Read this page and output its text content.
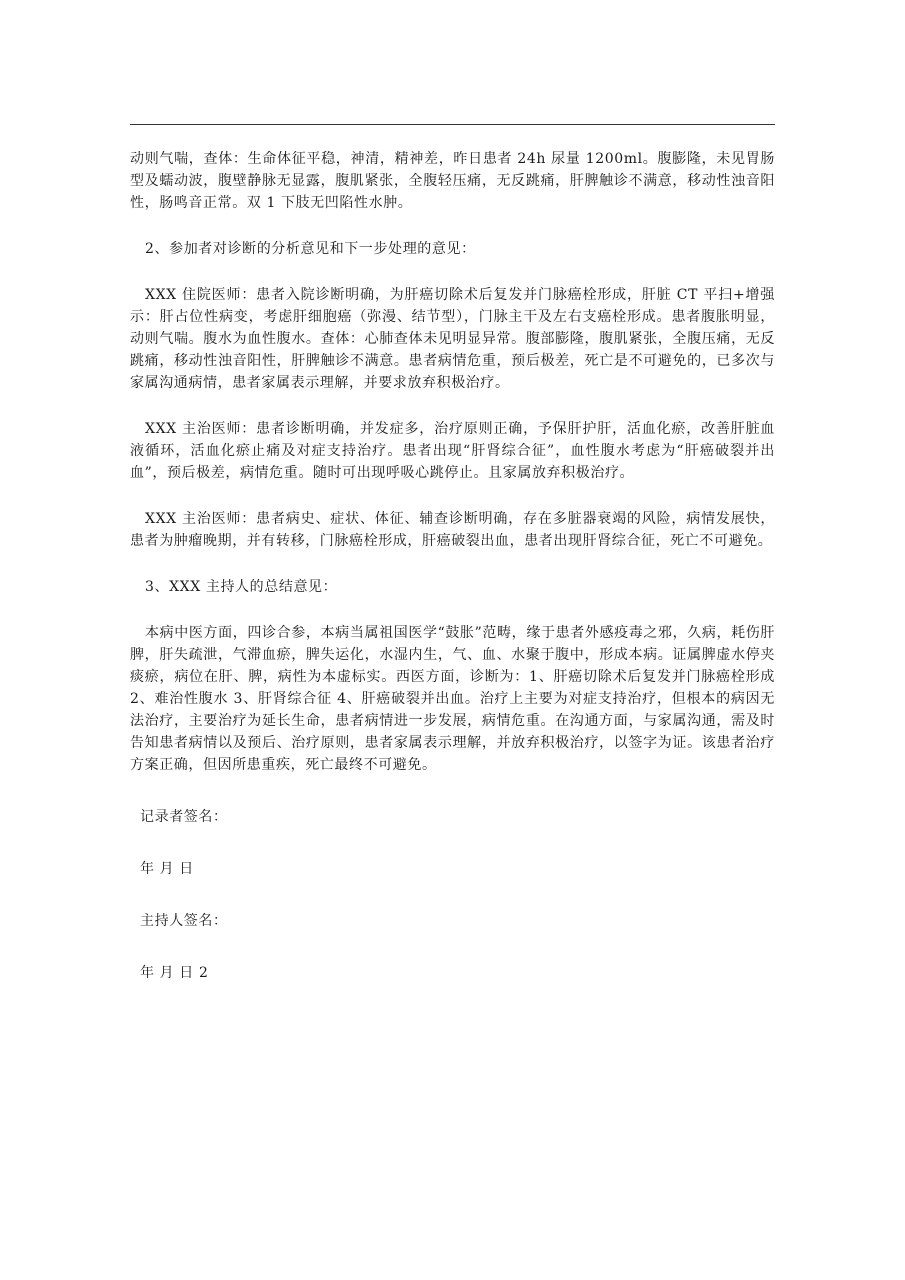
动则气喘，查体：生命体征平稳，神清，精神差，昨日患者 24h 尿量 1200ml。腹膨隆，未见胃肠型及蠕动波，腹壁静脉无显露，腹肌紧张，全腹轻压痛，无反跳痛，肝脾触诊不满意，移动性浊音阳性，肠鸣音正常。双 1 下肢无凹陷性水肿。

2、参加者对诊断的分析意见和下一步处理的意见：

XXX 住院医师：患者入院诊断明确，为肝癌切除术后复发并门脉癌栓形成，肝脏 CT 平扫+增强示：肝占位性病变，考虑肝细胞癌（弥漫、结节型），门脉主干及左右支癌栓形成。患者腹胀明显，动则气喘。腹水为血性腹水。查体：心肺查体未见明显异常。腹部膨隆，腹肌紧张，全腹压痛，无反跳痛，移动性浊音阳性，肝脾触诊不满意。患者病情危重，预后极差，死亡是不可避免的，已多次与家属沟通病情，患者家属表示理解，并要求放弃积极治疗。

XXX 主治医师：患者诊断明确，并发症多，治疗原则正确，予保肝护肝，活血化瘀，改善肝脏血液循环，活血化瘀止痛及对症支持治疗。患者出现“肝肾综合征”，血性腹水考虑为“肝癌破裂并出血”，预后极差，病情危重。随时可出现呼吸心跳停止。且家属放弃积极治疗。

XXX 主治医师：患者病史、症状、体征、辅查诊断明确，存在多脏器衰竭的风险，病情发展快，患者为肿瘤晚期，并有转移，门脉癌栓形成，肝癌破裂出血，患者出现肝肾综合征，死亡不可避免。

3、XXX 主持人的总结意见：

本病中医方面，四诊合参，本病当属祖国医学“鼓胀”范畴，缘于患者外感疫毒之邪，久病，耗伤肝脾，肝失疏泄，气滞血瘀，脾失运化，水湿内生，气、血、水聚于腹中，形成本病。证属脾虚水停夹痰瘀，病位在肝、脾，病性为本虚标实。西医方面，诊断为：1、肝癌切除术后复发并门脉癌栓形成 2、难治性腹水 3、肝肾综合征 4、肝癌破裂并出血。治疗上主要为对症支持治疗，但根本的病因无法治疗，主要治疗为延长生命，患者病情进一步发展，病情危重。在沟通方面，与家属沟通，需及时告知患者病情以及预后、治疗原则，患者家属表示理解，并放弃积极治疗，以签字为证。该患者治疗方案正确，但因所患重疾，死亡最终不可避免。

记录者签名：

年 月 日

主持人签名：

年 月 日 2
